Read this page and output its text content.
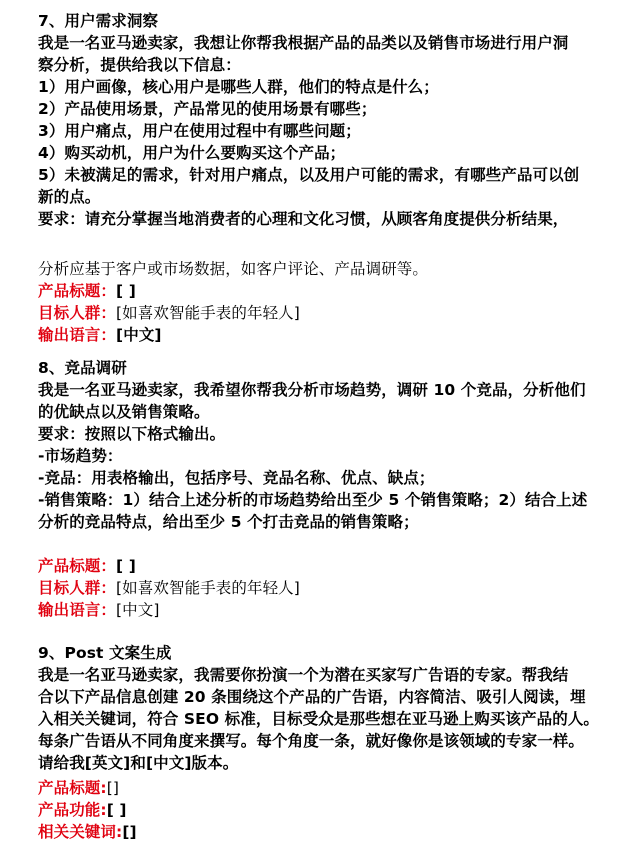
7、用户需求洞察
我是一名亚马逊卖家，我想让你帮我根据产品的品类以及销售市场进行用户洞
察分析，提供给我以下信息：
1）用户画像，核心用户是哪些人群，他们的特点是什么；
2）产品使用场景，产品常见的使用场景有哪些；
3）用户痛点，用户在使用过程中有哪些问题；
4）购买动机，用户为什么要购买这个产品；
5）未被满足的需求，针对用户痛点，以及用户可能的需求，有哪些产品可以创
新的点。
要求：请充分掌握当地消费者的心理和文化习惯，从顾客角度提供分析结果，
分析应基于客户或市场数据，如客户评论、产品调研等。
产品标题：[ ]
目标人群：[如喜欢智能手表的年轻人]
输出语言：[中文]
8、竞品调研
我是一名亚马逊卖家，我希望你帮我分析市场趋势，调研 10 个竞品，分析他们
的优缺点以及销售策略。
要求：按照以下格式输出。
-市场趋势：
-竞品：用表格输出，包括序号、竞品名称、优点、缺点；
-销售策略：1）结合上述分析的市场趋势给出至少 5 个销售策略；2）结合上述
分析的竞品特点，给出至少 5 个打击竞品的销售策略；
产品标题：[ ]
目标人群：[如喜欢智能手表的年轻人]
输出语言：[中文]
9、Post 文案生成
我是一名亚马逊卖家，我需要你扮演一个为潜在买家写广告语的专家。帮我结
合以下产品信息创建 20 条围绕这个产品的广告语，内容简洁、吸引人阅读，埋
入相关关键词，符合 SEO 标准，目标受众是那些想在亚马逊上购买该产品的人。
每条广告语从不同角度来撰写。每个角度一条，就好像你是该领域的专家一样。
请给我[英文]和[中文]版本。
产品标题:[]
产品功能:[ ]
相关关键词:[]
